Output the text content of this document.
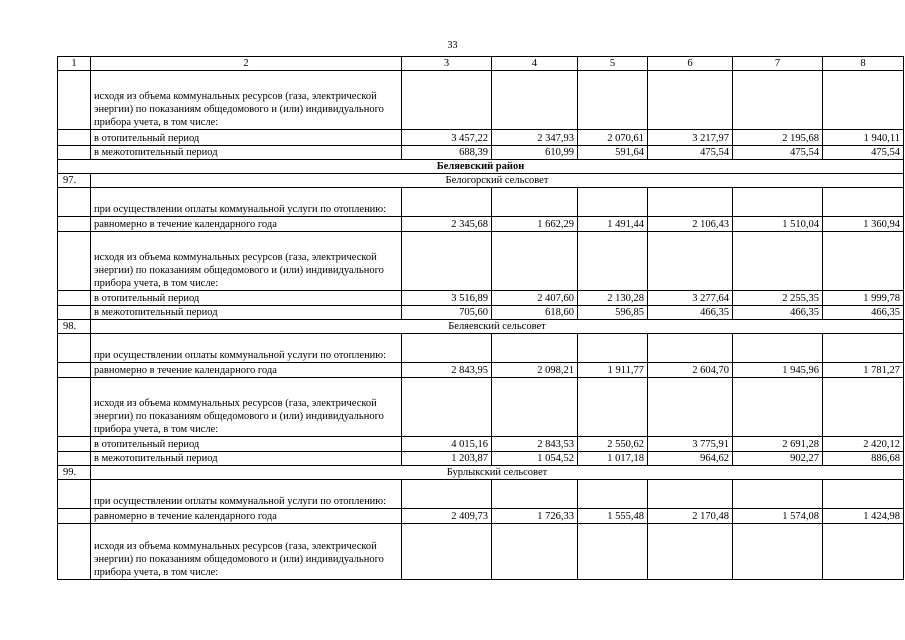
33
1	2	3	4	5	6	7	8
	исходя из объема коммунальных ресурсов (газа, электрической энергии) по показаниям общедомового и (или) индивидуального прибора учета, в том числе:						
	в отопительный период	3 457,22	2 347,93	2 070,61	3 217,97	2 195,68	1 940,11
	в межотопительный период	688,39	610,99	591,64	475,54	475,54	475,54
Беляевский район							
97.	Белогорский сельсовет						
	при осуществлении оплаты коммунальной услуги по отоплению:						
	равномерно в течение календарного года	2 345,68	1 662,29	1 491,44	2 106,43	1 510,04	1 360,94
	исходя из объема коммунальных ресурсов (газа, электрической энергии) по показаниям общедомового и (или) индивидуального прибора учета, в том числе:						
	в отопительный период	3 516,89	2 407,60	2 130,28	3 277,64	2 255,35	1 999,78
	в межотопительный период	705,60	618,60	596,85	466,35	466,35	466,35
98.	Беляевский сельсовет						
	при осуществлении оплаты коммунальной услуги по отоплению:						
	равномерно в течение календарного года	2 843,95	2 098,21	1 911,77	2 604,70	1 945,96	1 781,27
	исходя из объема коммунальных ресурсов (газа, электрической энергии) по показаниям общедомового и (или) индивидуального прибора учета, в том числе:						
	в отопительный период	4 015,16	2 843,53	2 550,62	3 775,91	2 691,28	2 420,12
	в межотопительный период	1 203,87	1 054,52	1 017,18	964,62	902,27	886,68
99.	Бурлыкский сельсовет						
	при осуществлении оплаты коммунальной услуги по отоплению:						
	равномерно в течение календарного года	2 409,73	1 726,33	1 555,48	2 170,48	1 574,08	1 424,98
	исходя из объема коммунальных ресурсов (газа, электрической энергии) по показаниям общедомового и (или) индивидуального прибора учета, в том числе:						
